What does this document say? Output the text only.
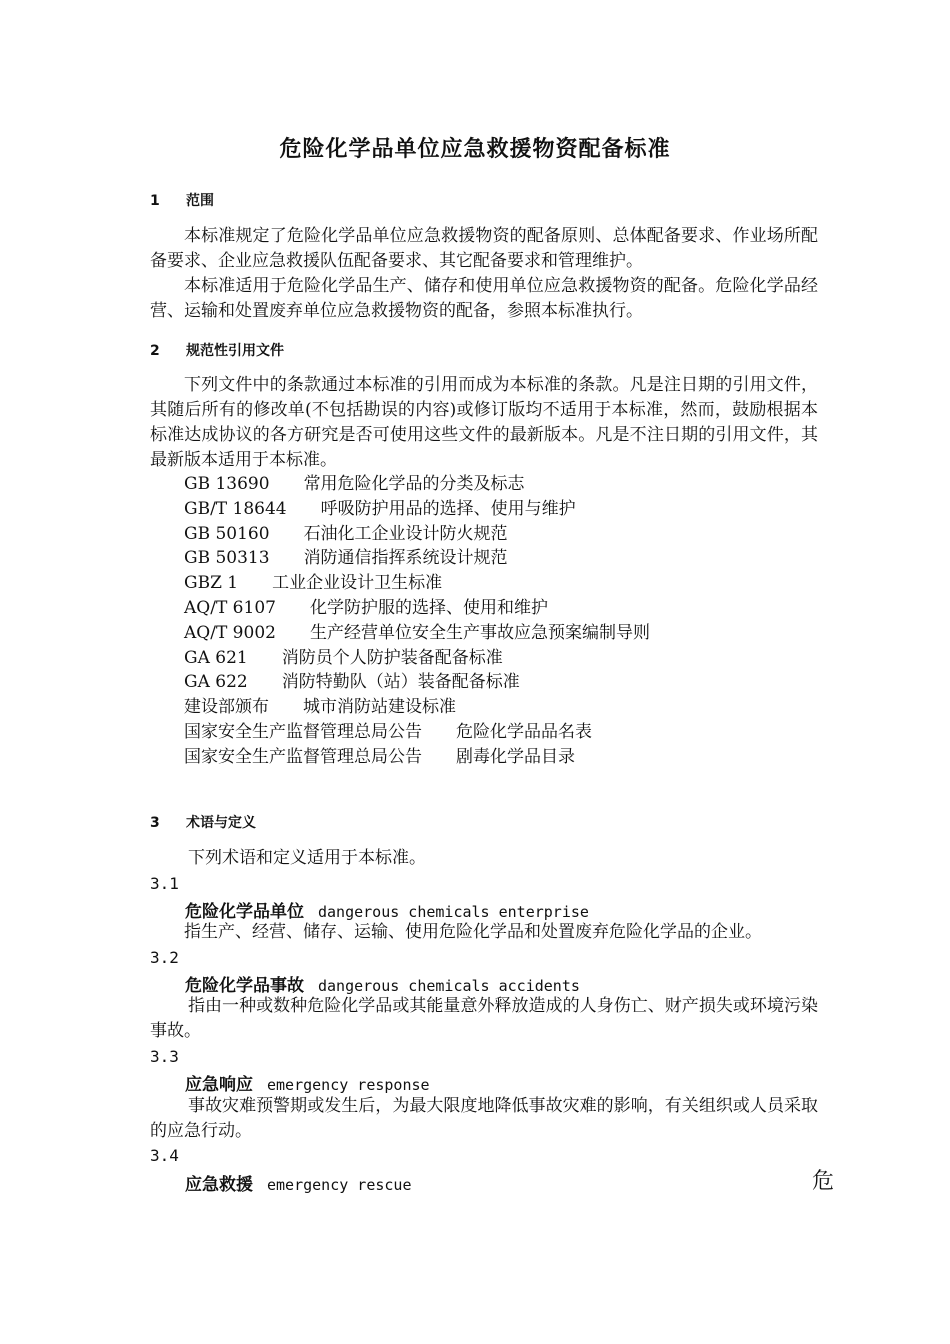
危险化学品单位应急救援物资配备标准
1 范围
本标准规定了危险化学品单位应急救援物资的配备原则、总体配备要求、作业场所配备要求、企业应急救援队伍配备要求、其它配备要求和管理维护。
本标准适用于危险化学品生产、储存和使用单位应急救援物资的配备。危险化学品经营、运输和处置废弃单位应急救援物资的配备，参照本标准执行。
2 规范性引用文件
下列文件中的条款通过本标准的引用而成为本标准的条款。凡是注日期的引用文件，其随后所有的修改单(不包括勘误的内容)或修订版均不适用于本标准，然而，鼓励根据本标准达成协议的各方研究是否可使用这些文件的最新版本。凡是不注日期的引用文件，其最新版本适用于本标准。
GB 13690 常用危险化学品的分类及标志
GB/T 18644 呼吸防护用品的选择、使用与维护
GB 50160 石油化工企业设计防火规范
GB 50313 消防通信指挥系统设计规范
GBZ 1 工业企业设计卫生标准
AQ/T 6107 化学防护服的选择、使用和维护
AQ/T 9002 生产经营单位安全生产事故应急预案编制导则
GA 621 消防员个人防护装备配备标准
GA 622 消防特勤队（站）装备配备标准
建设部颁布 城市消防站建设标准
国家安全生产监督管理总局公告 危险化学品品名表
国家安全生产监督管理总局公告 剧毒化学品目录
3 术语与定义
下列术语和定义适用于本标准。
3.1
危险化学品单位 dangerous chemicals enterprise
指生产、经营、储存、运输、使用危险化学品和处置废弃危险化学品的企业。
3.2
危险化学品事故 dangerous chemicals accidents
指由一种或数种危险化学品或其能量意外释放造成的人身伤亡、财产损失或环境污染事故。
3.3
应急响应 emergency response
事故灾难预警期或发生后，为最大限度地降低事故灾难的影响，有关组织或人员采取的应急行动。
3.4
应急救援 emergency rescue	危
